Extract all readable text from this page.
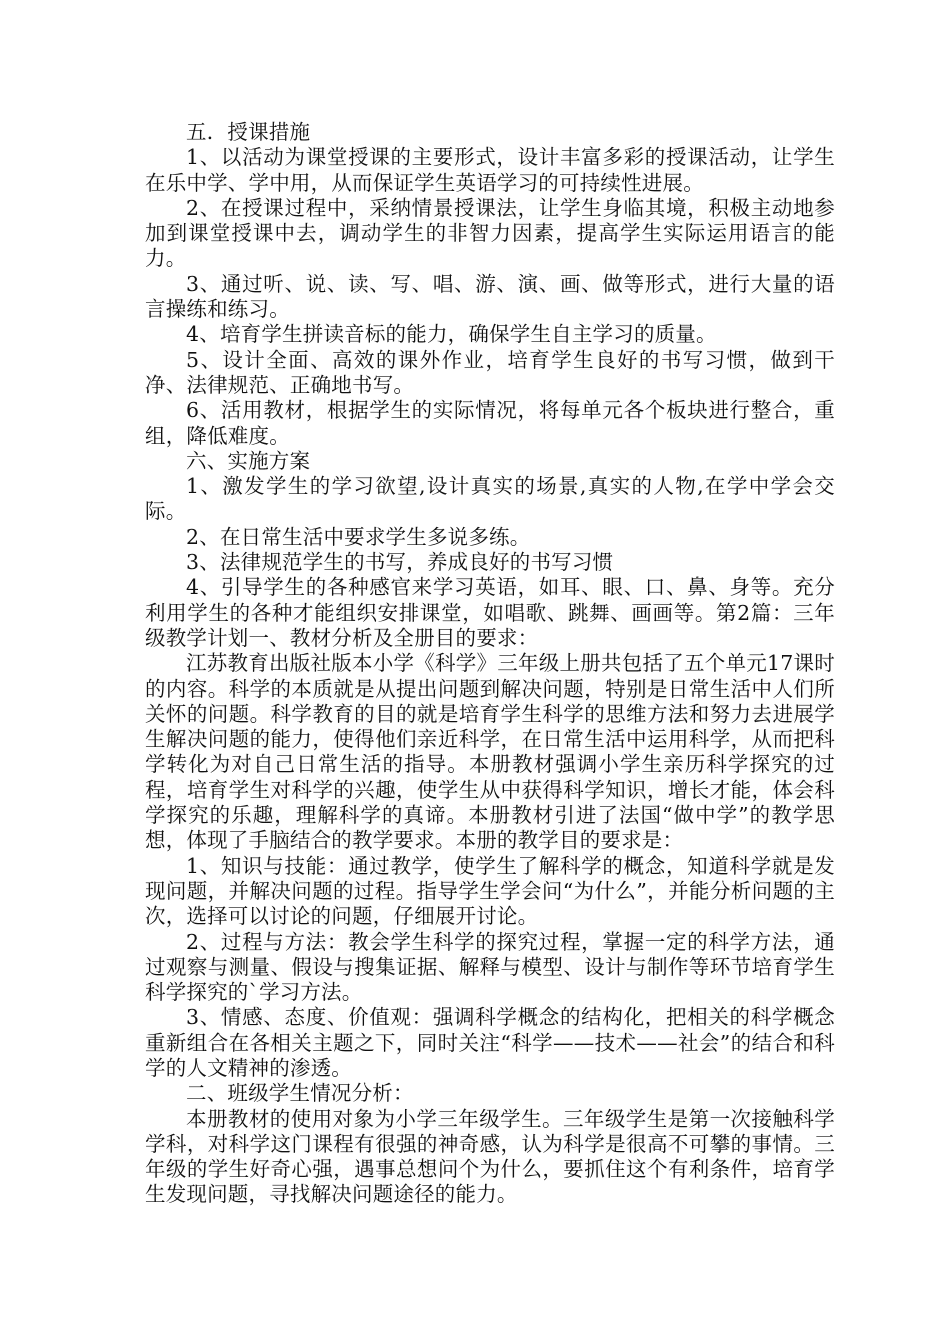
五．授课措施

1、以活动为课堂授课的主要形式，设计丰富多彩的授课活动，让学生在乐中学、学中用，从而保证学生英语学习的可持续性进展。

2、在授课过程中，采纳情景授课法，让学生身临其境，积极主动地参加到课堂授课中去，调动学生的非智力因素，提高学生实际运用语言的能力。

3、通过听、说、读、写、唱、游、演、画、做等形式，进行大量的语言操练和练习。

4、培育学生拼读音标的能力，确保学生自主学习的质量。

5、设计全面、高效的课外作业，培育学生良好的书写习惯，做到干净、法律规范、正确地书写。

6、活用教材，根据学生的实际情况，将每单元各个板块进行整合，重组，降低难度。

六、实施方案

1、激发学生的学习欲望,设计真实的场景,真实的人物,在学中学会交际。

2、在日常生活中要求学生多说多练。

3、法律规范学生的书写，养成良好的书写习惯

4、引导学生的各种感官来学习英语，如耳、眼、口、鼻、身等。充分利用学生的各种才能组织安排课堂，如唱歌、跳舞、画画等。第2篇：三年级教学计划一、教材分析及全册目的要求：

江苏教育出版社版本小学《科学》三年级上册共包括了五个单元17课时的内容。科学的本质就是从提出问题到解决问题，特别是日常生活中人们所关怀的问题。科学教育的目的就是培育学生科学的思维方法和努力去进展学生解决问题的能力，使得他们亲近科学，在日常生活中运用科学，从而把科学转化为对自己日常生活的指导。本册教材强调小学生亲历科学探究的过程，培育学生对科学的兴趣，使学生从中获得科学知识，增长才能，体会科学探究的乐趣，理解科学的真谛。本册教材引进了法国“做中学”的教学思想，体现了手脑结合的教学要求。本册的教学目的要求是：

1、知识与技能：通过教学，使学生了解科学的概念，知道科学就是发现问题，并解决问题的过程。指导学生学会问“为什么”，并能分析问题的主次，选择可以讨论的问题，仔细展开讨论。

2、过程与方法：教会学生科学的探究过程，掌握一定的科学方法，通过观察与测量、假设与搜集证据、解释与模型、设计与制作等环节培育学生科学探究的`学习方法。

3、情感、态度、价值观：强调科学概念的结构化，把相关的科学概念重新组合在各相关主题之下，同时关注“科学——技术——社会”的结合和科学的人文精神的渗透。

二、班级学生情况分析：

本册教材的使用对象为小学三年级学生。三年级学生是第一次接触科学学科，对科学这门课程有很强的神奇感，认为科学是很高不可攀的事情。三年级的学生好奇心强，遇事总想问个为什么，要抓住这个有利条件，培育学生发现问题，寻找解决问题途径的能力。
